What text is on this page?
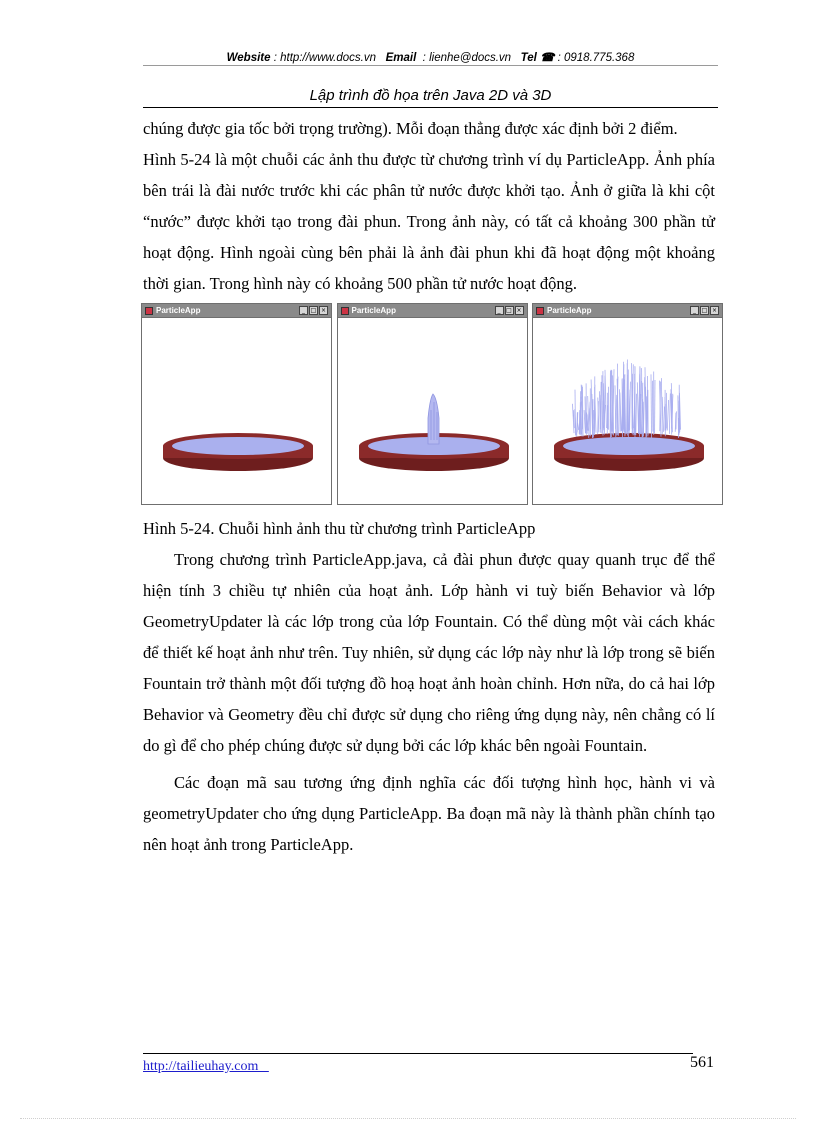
Website : http://www.docs.vn Email  : lienhe@docs.vn Tel ☎ : 0918.775.368
Lập trình đồ họa trên Java 2D và 3D

chúng được gia tốc bởi trọng trường). Mỗi đoạn thẳng được xác định bởi 2 điểm.

Hình 5-24 là một chuỗi các ảnh thu được từ chương trình ví dụ ParticleApp. Ảnh phía bên trái là đài nước trước khi các phân tử nước được khởi tạo. Ảnh ở giữa là khi cột “nước” được khởi tạo trong đài phun. Trong ảnh này, có tất cả khoảng 300 phần tử hoạt động. Hình ngoài cùng bên phải là ảnh đài phun khi đã hoạt động một khoảng thời gian. Trong hình này có khoảng 500 phần tử nước hoạt động.

ParticleApp	_ □ ×	ParticleApp	_ □ ×	ParticleApp	_ □ ×

Hình 5-24. Chuỗi hình ảnh thu từ chương trình ParticleApp

Trong chương trình ParticleApp.java, cả đài phun được quay quanh trục để thể hiện tính 3 chiều tự nhiên của hoạt ảnh. Lớp hành vi tuỳ biến Behavior và lớp GeometryUpdater là các lớp trong của lớp Fountain. Có thể dùng một vài cách khác để thiết kế hoạt ảnh như trên. Tuy nhiên, sử dụng các lớp này như là lớp trong sẽ biến Fountain trở thành một đối tượng đồ hoạ hoạt ảnh hoàn chỉnh. Hơn nữa, do cả hai lớp Behavior và Geometry đều chỉ được sử dụng cho riêng ứng dụng này, nên chẳng có lí do gì để cho phép chúng được sử dụng bởi các lớp khác bên ngoài Fountain.

Các đoạn mã sau tương ứng định nghĩa các đối tượng hình học, hành vi và geometryUpdater cho ứng dụng ParticleApp. Ba đoạn mã này là thành phần chính tạo nên hoạt ảnh trong ParticleApp.

http://tailieuhay.com	561
